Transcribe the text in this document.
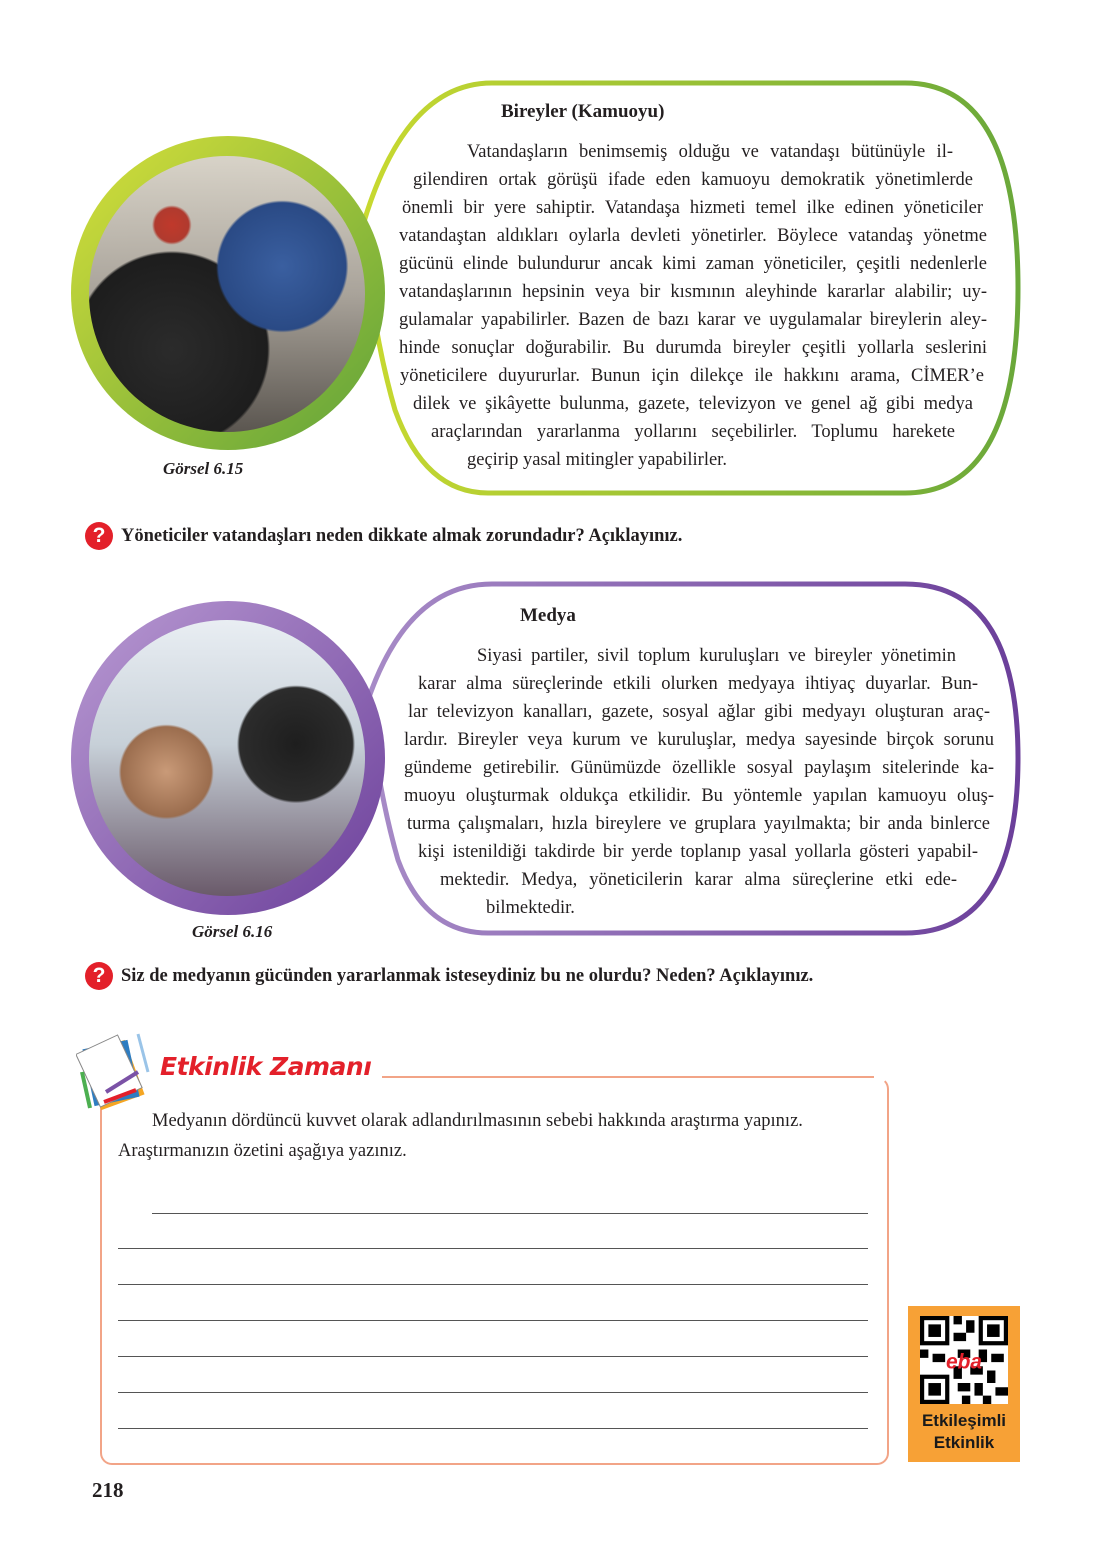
Bireyler (Kamuoyu)
Vatandaşların benimsemiş olduğu ve vatandaşı bütünüyle il-
gilendiren ortak görüşü ifade eden kamuoyu demokratik yönetimlerde
önemli bir yere sahiptir. Vatandaşa hizmeti temel ilke edinen yöneticiler
vatandaştan aldıkları oylarla devleti yönetirler. Böylece vatandaş yönetme
gücünü elinde bulundurur ancak kimi zaman yöneticiler, çeşitli nedenlerle
vatandaşlarının hepsinin veya bir kısmının aleyhinde kararlar alabilir; uy-
gulamalar yapabilirler. Bazen de bazı karar ve uygulamalar bireylerin aley-
hinde sonuçlar doğurabilir. Bu durumda bireyler çeşitli yollarla seslerini
yöneticilere duyururlar. Bunun için dilekçe ile hakkını arama, CİMER’e
dilek ve şikâyette bulunma, gazete, televizyon ve genel ağ gibi medya
araçlarından yararlanma yollarını seçebilirler. Toplumu harekete
geçirip yasal mitingler yapabilirler.
Görsel 6.15
? Yöneticiler vatandaşları neden dikkate almak zorundadır? Açıklayınız.
Medya
Siyasi partiler, sivil toplum kuruluşları ve bireyler yönetimin
karar alma süreçlerinde etkili olurken medyaya ihtiyaç duyarlar. Bun-
lar televizyon kanalları, gazete, sosyal ağlar gibi medyayı oluşturan araç-
lardır. Bireyler veya kurum ve kuruluşlar, medya sayesinde birçok sorunu
gündeme getirebilir. Günümüzde özellikle sosyal paylaşım sitelerinde ka-
muoyu oluşturmak oldukça etkilidir. Bu yöntemle yapılan kamuoyu oluş-
turma çalışmaları, hızla bireylere ve gruplara yayılmakta; bir anda binlerce
kişi istenildiği takdirde bir yerde toplanıp yasal yollarla gösteri yapabil-
mektedir. Medya, yöneticilerin karar alma süreçlerine etki ede-
bilmektedir.
Görsel 6.16
? Siz de medyanın gücünden yararlanmak isteseydiniz bu ne olurdu? Neden? Açıklayınız.
Etkinlik Zamanı
Medyanın dördüncü kuvvet olarak adlandırılmasının sebebi hakkında araştırma yapınız.
Araştırmanızın özetini aşağıya yazınız.
eba
Etkileşimli
Etkinlik
218
